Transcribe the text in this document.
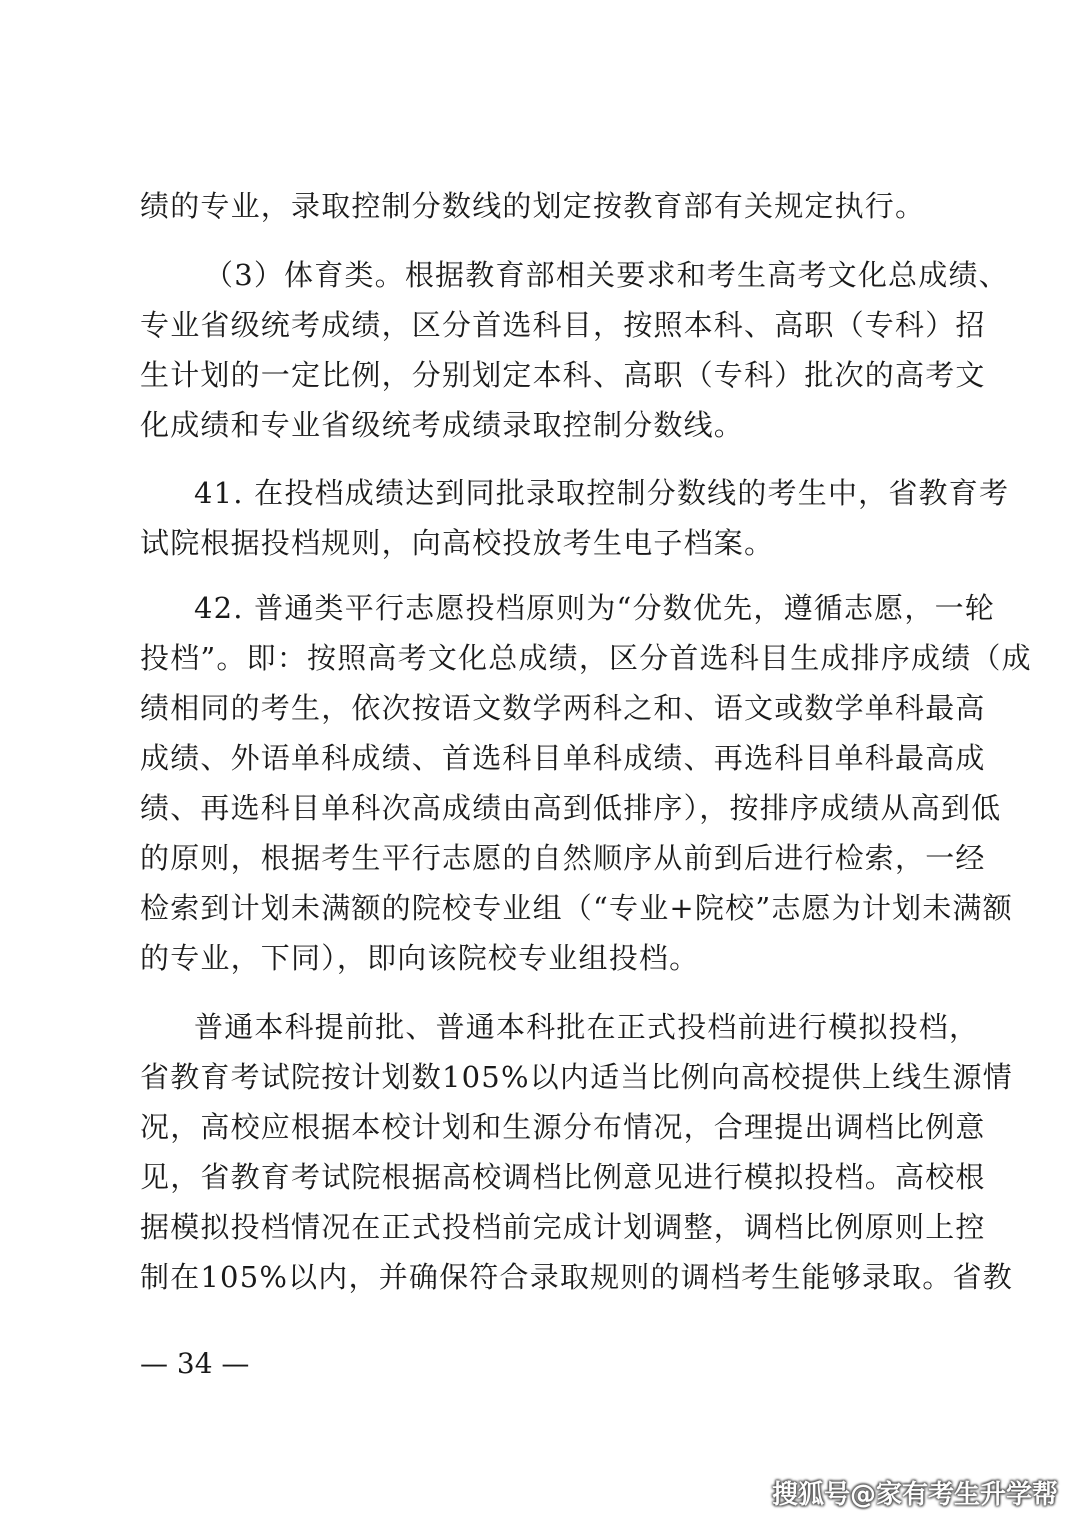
绩的专业，录取控制分数线的划定按教育部有关规定执行。
（3）体育类。根据教育部相关要求和考生高考文化总成绩、
专业省级统考成绩，区分首选科目，按照本科、高职（专科）招
生计划的一定比例，分别划定本科、高职（专科）批次的高考文
化成绩和专业省级统考成绩录取控制分数线。
41. 在投档成绩达到同批录取控制分数线的考生中，省教育考
试院根据投档规则，向高校投放考生电子档案。
42. 普通类平行志愿投档原则为“分数优先，遵循志愿，一轮
投档”。即：按照高考文化总成绩，区分首选科目生成排序成绩（成
绩相同的考生，依次按语文数学两科之和、语文或数学单科最高
成绩、外语单科成绩、首选科目单科成绩、再选科目单科最高成
绩、再选科目单科次高成绩由高到低排序），按排序成绩从高到低
的原则，根据考生平行志愿的自然顺序从前到后进行检索，一经
检索到计划未满额的院校专业组（“专业+院校”志愿为计划未满额
的专业，下同），即向该院校专业组投档。
普通本科提前批、普通本科批在正式投档前进行模拟投档，
省教育考试院按计划数105%以内适当比例向高校提供上线生源情
况，高校应根据本校计划和生源分布情况，合理提出调档比例意
见，省教育考试院根据高校调档比例意见进行模拟投档。高校根
据模拟投档情况在正式投档前完成计划调整，调档比例原则上控
制在105%以内，并确保符合录取规则的调档考生能够录取。省教
— 34 —
搜狐号@家有考生升学帮
